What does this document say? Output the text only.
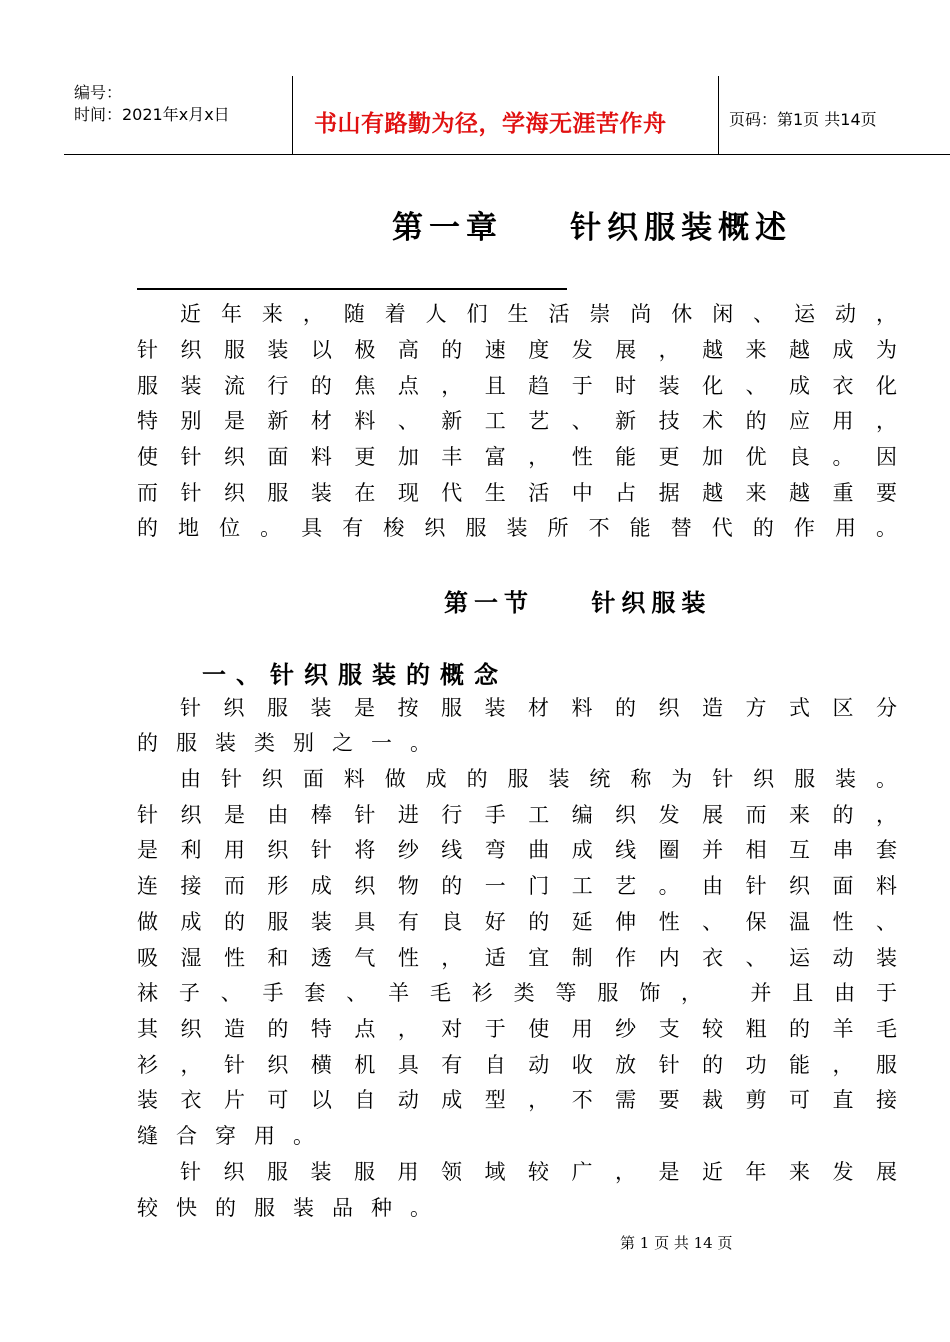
编号：
时间：2021年x月x日	书山有路勤为径，学海无涯苦作舟	页码：第1页 共14页
第一章    针织服装概述
近年来，随着人们生活崇尚休闲、运动，
针织服装以极高的速度发展，越来越成为
服装流行的焦点，且趋于时装化、成衣化
特别是新材料、新工艺、新技术的应用，
使针织面料更加丰富，性能更加优良。因
而针织服装在现代生活中占据越来越重要
的地位。具有梭织服装所不能替代的作用。
第一节    针织服装
一、针织服装的概念
针织服装是按服装材料的织造方式区分
的服装类别之一。
由针织面料做成的服装统称为针织服装。
针织是由棒针进行手工编织发展而来的，
是利用织针将纱线弯曲成线圈并相互串套
连接而形成织物的一门工艺。由针织面料
做成的服装具有良好的延伸性、保温性、
吸湿性和透气性，适宜制作内衣、运动装
袜子、手套、羊毛衫类等服饰， 并且由于
其织造的特点，对于使用纱支较粗的羊毛
衫，针织横机具有自动收放针的功能，服
装衣片可以自动成型，不需要裁剪可直接
缝合穿用。
针织服装服用领域较广，是近年来发展
较快的服装品种。
第 1 页 共 14 页
